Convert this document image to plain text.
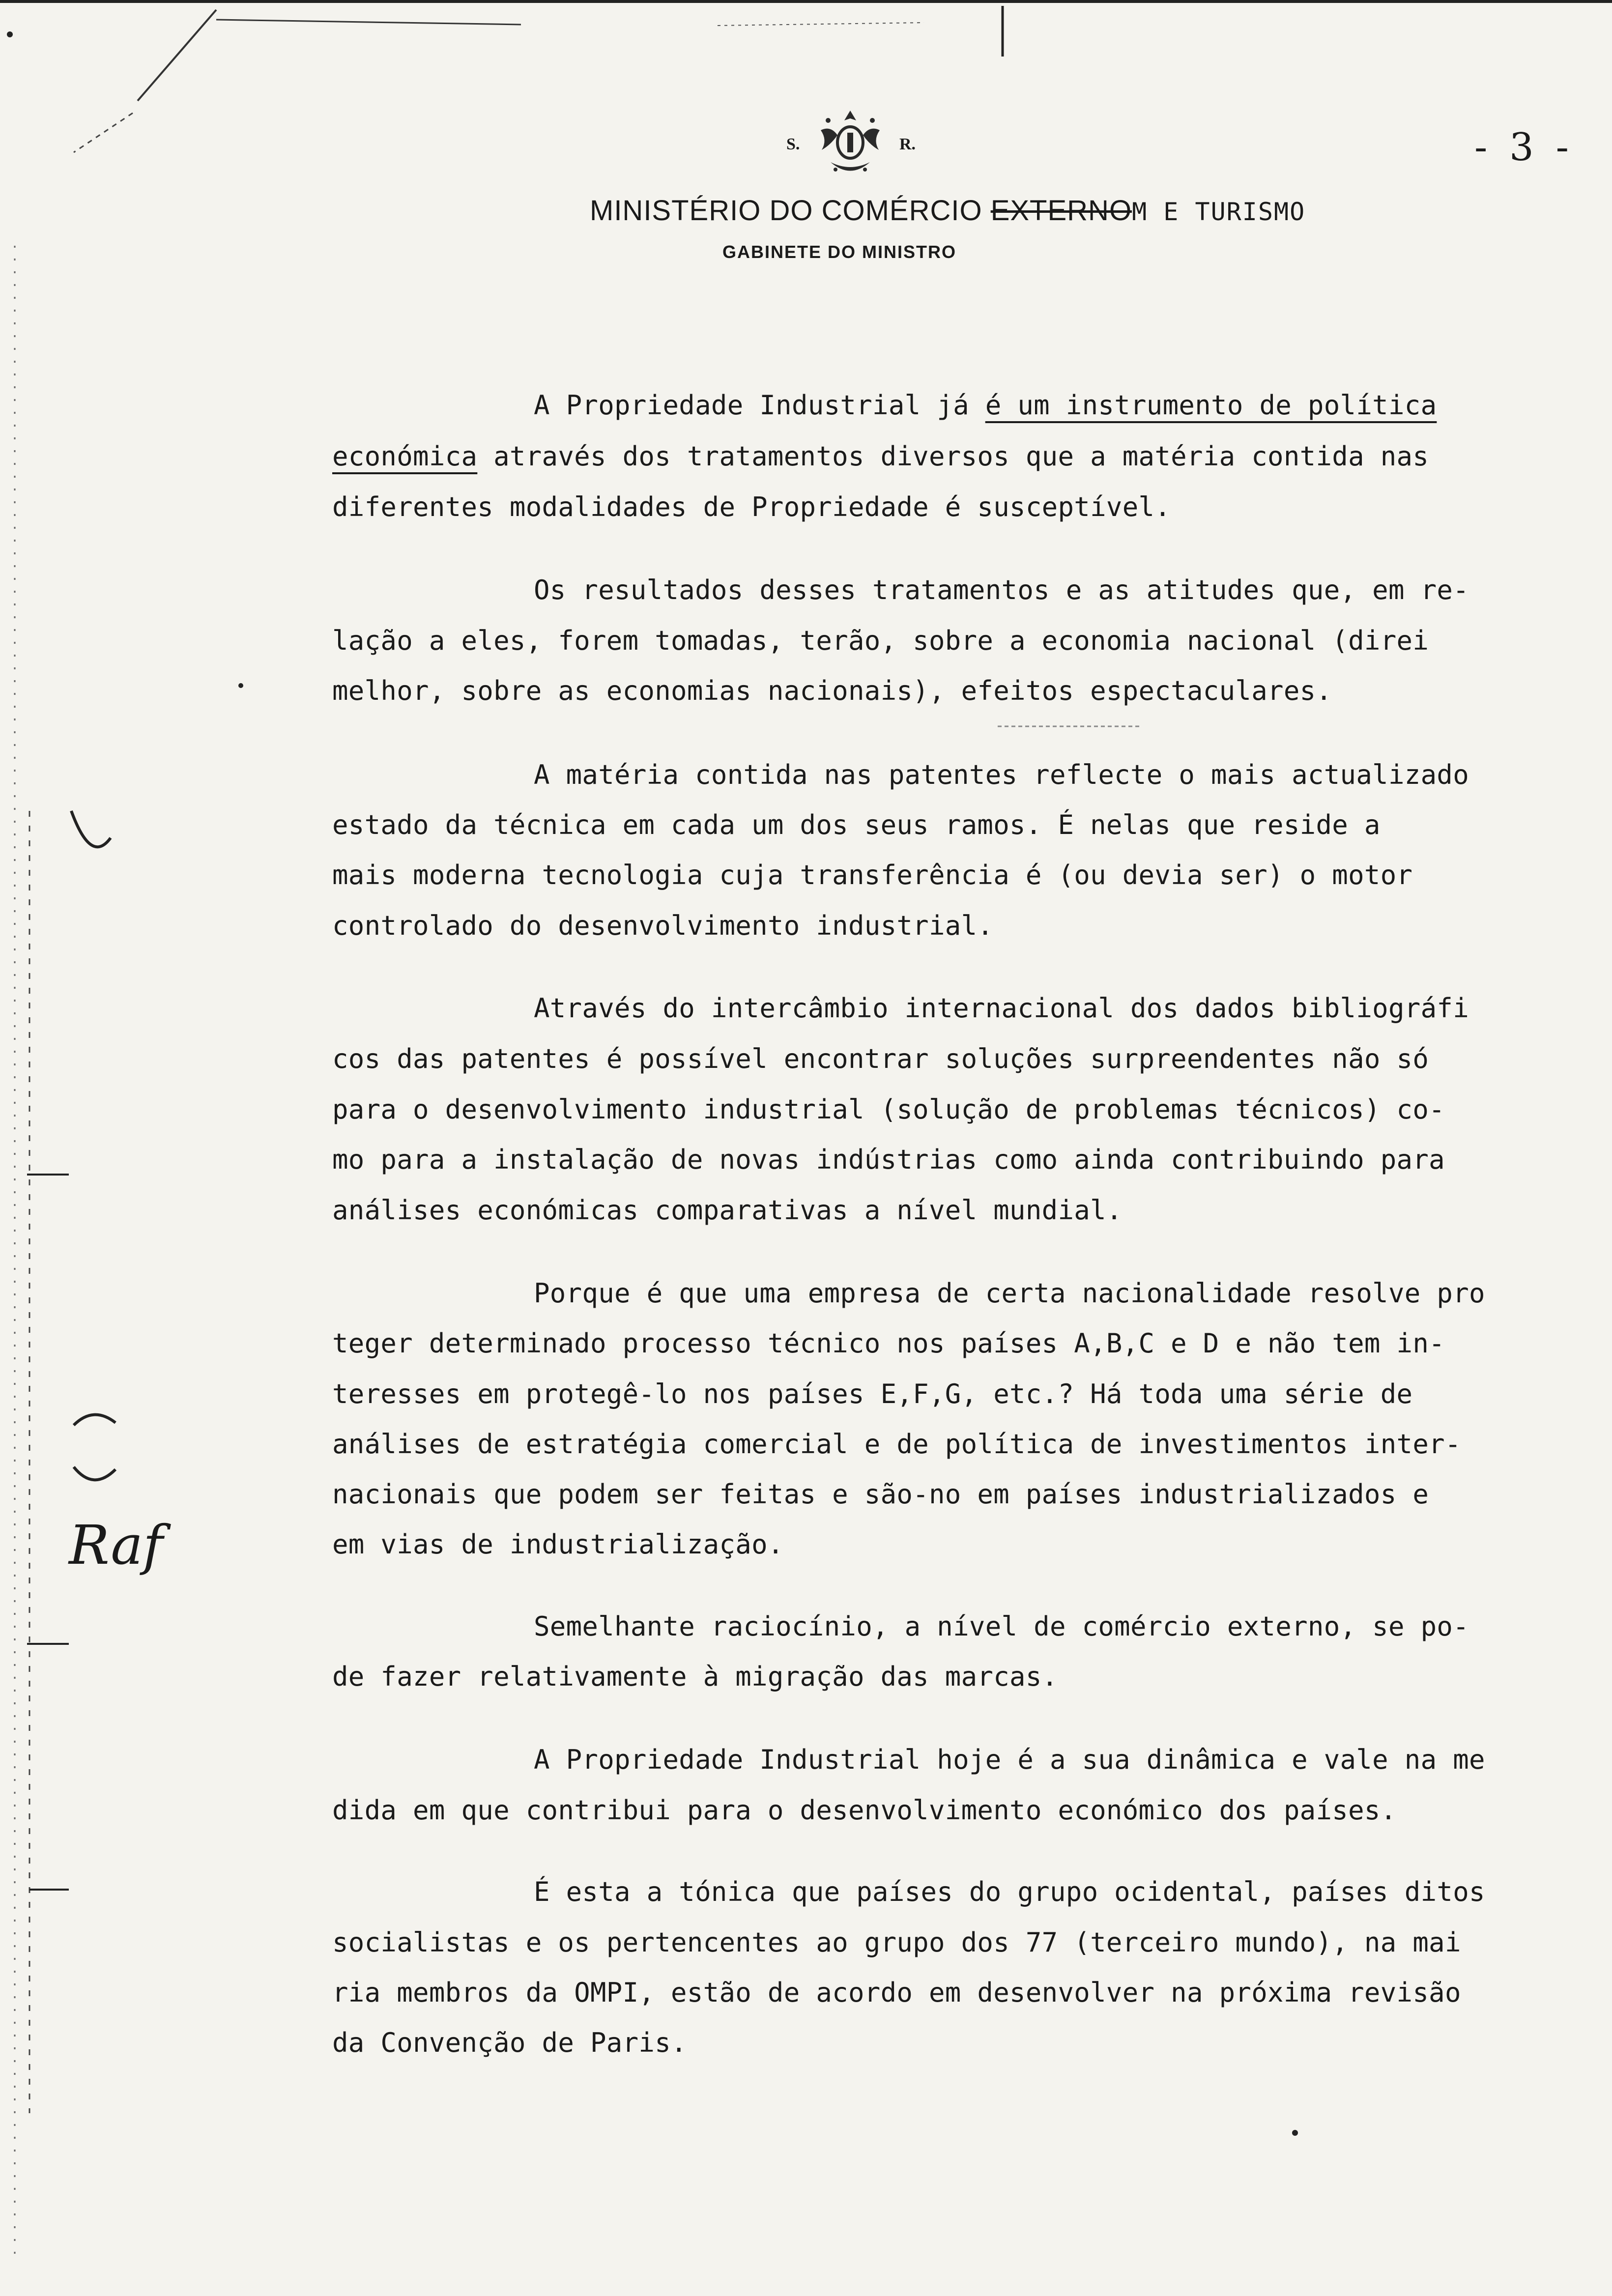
S.	R.	- 3 -
MINISTÉRIO DO COMÉRCIO EXTERNOM E TURISMO
GABINETE DO MINISTRO
A Propriedade Industrial já é um instrumento de política
económica através dos tratamentos diversos que a matéria contida nas
diferentes modalidades de Propriedade é susceptível.
Os resultados desses tratamentos e as atitudes que, em re-
lação a eles, forem tomadas, terão, sobre a economia nacional (direi
melhor, sobre as economias nacionais), efeitos espectaculares.
A matéria contida nas patentes reflecte o mais actualizado
estado da técnica em cada um dos seus ramos. É nelas que reside a
mais moderna tecnologia cuja transferência é (ou devia ser) o motor
controlado do desenvolvimento industrial.
Através do intercâmbio internacional dos dados bibliográfi
cos das patentes é possível encontrar soluções surpreendentes não só
para o desenvolvimento industrial (solução de problemas técnicos) co-
mo para a instalação de novas indústrias como ainda contribuindo para
análises económicas comparativas a nível mundial.
Porque é que uma empresa de certa nacionalidade resolve pro
teger determinado processo técnico nos países A,B,C e D e não tem in-
teresses em protegê-lo nos países E,F,G, etc.? Há toda uma série de
análises de estratégia comercial e de política de investimentos inter-
nacionais que podem ser feitas e são-no em países industrializados e
em vias de industrialização.
Semelhante raciocínio, a nível de comércio externo, se po-
de fazer relativamente à migração das marcas.
A Propriedade Industrial hoje é a sua dinâmica e vale na me
dida em que contribui para o desenvolvimento económico dos países.
É esta a tónica que países do grupo ocidental, países ditos
socialistas e os pertencentes ao grupo dos 77 (terceiro mundo), na mai
ria membros da OMPI, estão de acordo em desenvolver na próxima revisão
da Convenção de Paris.
Raf
